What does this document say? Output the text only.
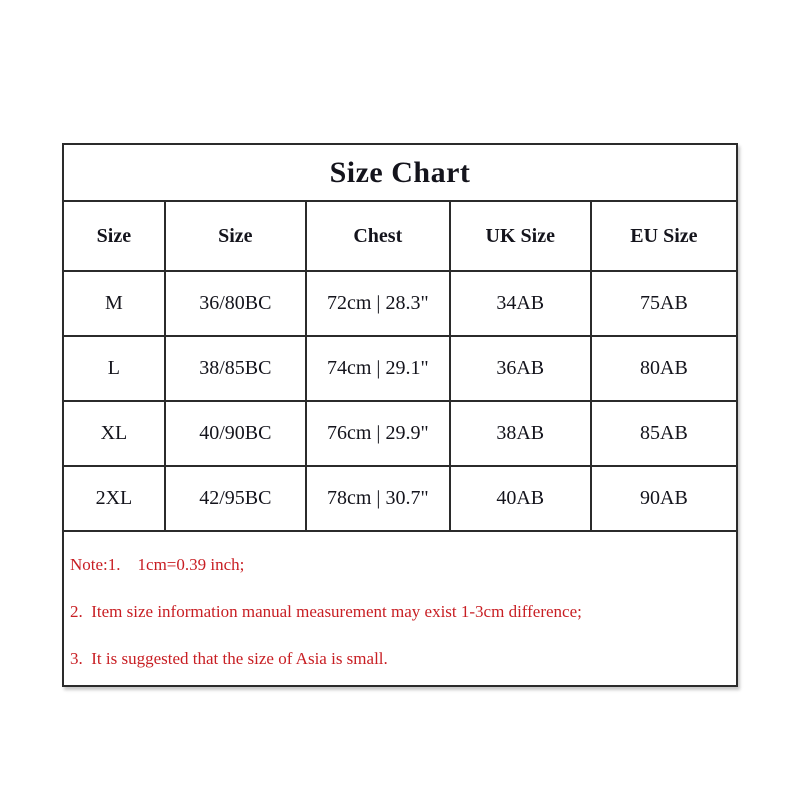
Size Chart
Size	Size	Chest	UK Size	EU Size
M	36/80BC	72cm | 28.3"	34AB	75AB
L	38/85BC	74cm | 29.1"	36AB	80AB
XL	40/90BC	76cm | 29.9"	38AB	85AB
2XL	42/95BC	78cm | 30.7"	40AB	90AB
Note:1.    1cm=0.39 inch;
2.  Item size information manual measurement may exist 1-3cm difference;
3.  It is suggested that the size of Asia is small.
